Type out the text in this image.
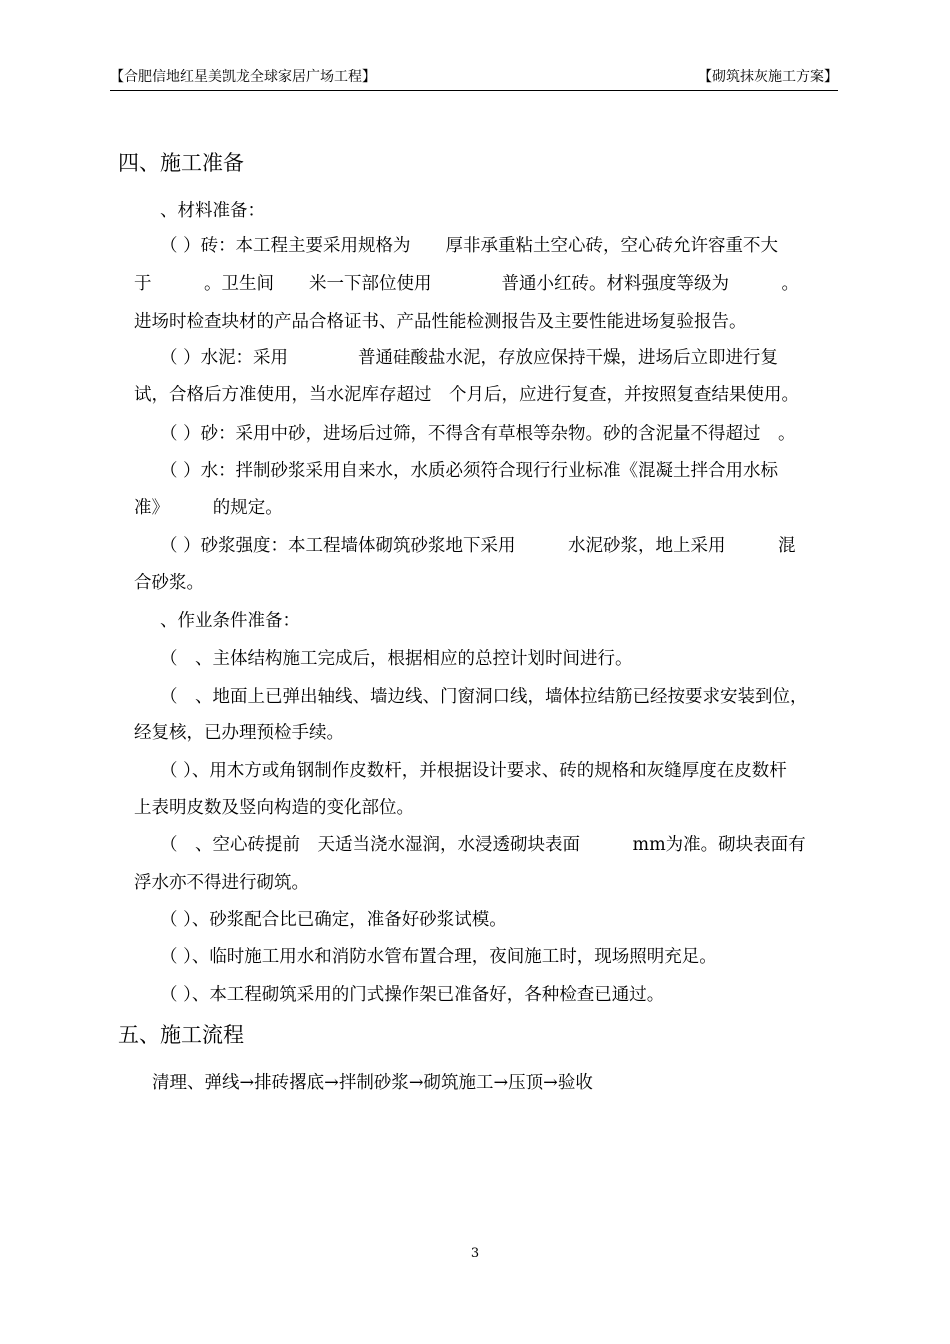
【合肥信地红星美凯龙全球家居广场工程】	【砌筑抹灰施工方案】
四、施工准备
、材料准备：
（ ）砖：本工程主要采用规格为　　厚非承重粘土空心砖，空心砖允许容重不大
于　　　。卫生间　　米一下部位使用　　　　普通小红砖。材料强度等级为　　　。
进场时检查块材的产品合格证书、产品性能检测报告及主要性能进场复验报告。
（ ）水泥：采用　　　　普通硅酸盐水泥，存放应保持干燥，进场后立即进行复
试，合格后方准使用，当水泥库存超过　个月后，应进行复查，并按照复查结果使用。
（ ）砂：采用中砂，进场后过筛，不得含有草根等杂物。砂的含泥量不得超过　。
（ ）水：拌制砂浆采用自来水，水质必须符合现行行业标准《混凝土拌合用水标
准》　　　的规定。
（ ）砂浆强度：本工程墙体砌筑砂浆地下采用　　　水泥砂浆，地上采用　　　混
合砂浆。
、作业条件准备：
（　、主体结构施工完成后，根据相应的总控计划时间进行。
（　、地面上已弹出轴线、墙边线、门窗洞口线，墙体拉结筋已经按要求安装到位，
经复核，已办理预检手续。
（ ）、用木方或角钢制作皮数杆，并根据设计要求、砖的规格和灰缝厚度在皮数杆
上表明皮数及竖向构造的变化部位。
（　、空心砖提前　天适当浇水湿润，水浸透砌块表面　　　mm为准。砌块表面有
浮水亦不得进行砌筑。
（ ）、砂浆配合比已确定，准备好砂浆试模。
（ ）、临时施工用水和消防水管布置合理，夜间施工时，现场照明充足。
（ ）、本工程砌筑采用的门式操作架已准备好，各种检查已通过。
五、施工流程
清理、弹线→排砖撂底→拌制砂浆→砌筑施工→压顶→验收
3
